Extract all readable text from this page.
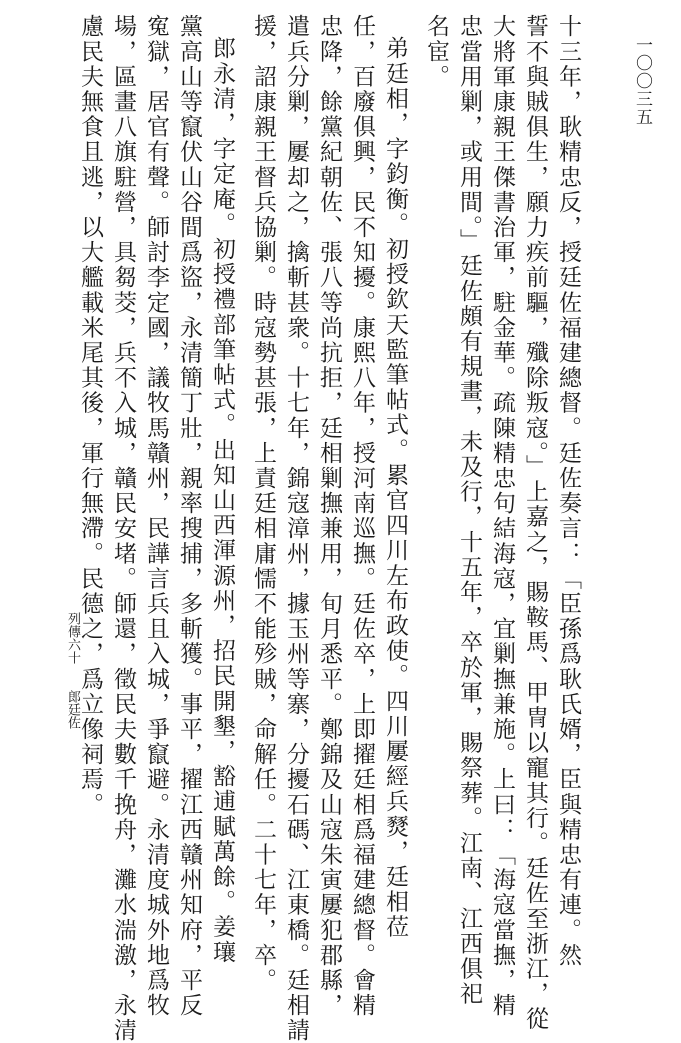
一〇〇三五
十三年，耿精忠反，授廷佐福建總督。廷佐奏言：「臣孫爲耿氏婿，臣與精忠有連。然
誓不與賊俱生，願力疾前驅，殲除叛寇。」上嘉之，賜鞍馬、甲冑以寵其行。廷佐至浙江，從
大將軍康親王傑書治軍，駐金華。疏陳精忠句結海寇，宜剿撫兼施。上曰：「海寇當撫，精
忠當用剿，或用間。」廷佐頗有規畫，未及行，十五年，卒於軍，賜祭葬。江南、江西俱祀
名宦。
弟廷相，字鈞衡。初授欽天監筆帖式。累官四川左布政使。四川屢經兵燹，廷相莅
任，百廢俱興，民不知擾。康熙八年，授河南巡撫。廷佐卒，上即擢廷相爲福建總督。會精
忠降，餘黨紀朝佐、張八等尚抗拒，廷相剿撫兼用，旬月悉平。鄭錦及山寇朱寅屢犯郡縣，
遣兵分剿，屢却之，擒斬甚衆。十七年，錦寇漳州，據玉州等寨，分擾石碼、江東橋。廷相請
援，詔康親王督兵協剿。時寇勢甚張，上責廷相庸懦不能殄賊，命解任。二十七年，卒。
郎永清，字定庵。初授禮部筆帖式。出知山西渾源州，招民開墾，豁逋賦萬餘。姜瓖
黨高山等竄伏山谷間爲盜，永清簡丁壯，親率搜捕，多斬獲。事平，擢江西贛州知府，平反
寃獄，居官有聲。師討李定國，議牧馬贛州，民譁言兵且入城，爭竄避。永清度城外地爲牧
場，區畫八旗駐營，具芻茭，兵不入城，贛民安堵。師還，徵民夫數千挽舟，灘水湍激，永清
慮民夫無食且逃，以大艦載米尾其後，軍行無滯。民德之，爲立像祠焉。
列傳六十郎廷佐
